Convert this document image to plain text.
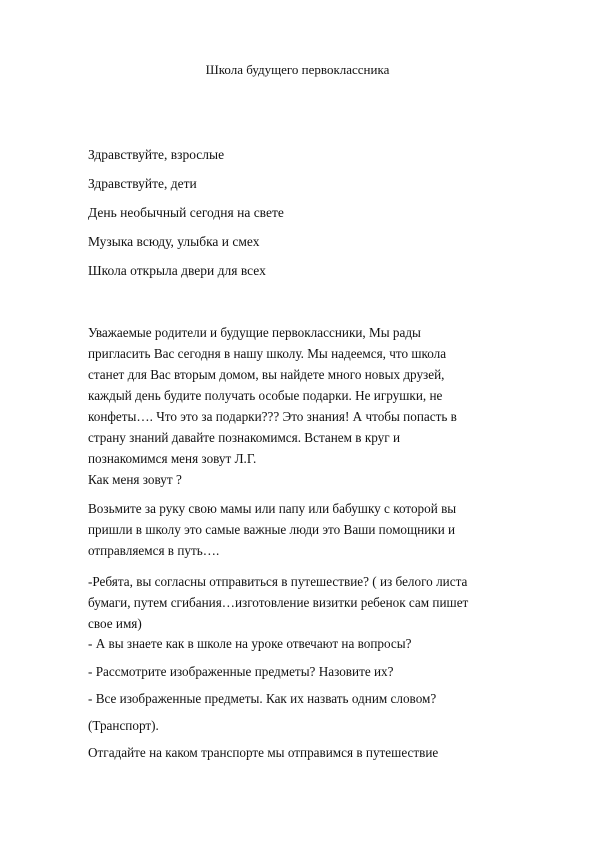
Школа будущего первоклассника
Здравствуйте, взрослые
Здравствуйте, дети
День необычный сегодня на свете
Музыка всюду, улыбка и смех
Школа открыла двери для всех
Уважаемые родители и будущие первоклассники, Мы рады
пригласить Вас сегодня в нашу школу. Мы надеемся, что школа
станет для Вас вторым домом, вы найдете много новых друзей,
каждый день будите получать особые подарки. Не игрушки, не
конфеты…. Что это за подарки??? Это знания! А чтобы попасть в
страну знаний давайте познакомимся. Встанем в круг и
познакомимся меня зовут Л.Г.
Как меня зовут ?
Возьмите за руку свою мамы или папу или бабушку с которой вы
пришли в школу это самые важные люди это Ваши помощники и
отправляемся в путь….
-Ребята, вы согласны отправиться в путешествие? ( из белого листа
бумаги, путем сгибания…изготовление визитки ребенок сам пишет
свое имя)
- А вы знаете как в школе на уроке отвечают на вопросы?
- Рассмотрите изображенные предметы? Назовите их?
- Все изображенные предметы. Как их назвать одним словом?
(Транспорт).
Отгадайте на каком транспорте мы отправимся в путешествие
